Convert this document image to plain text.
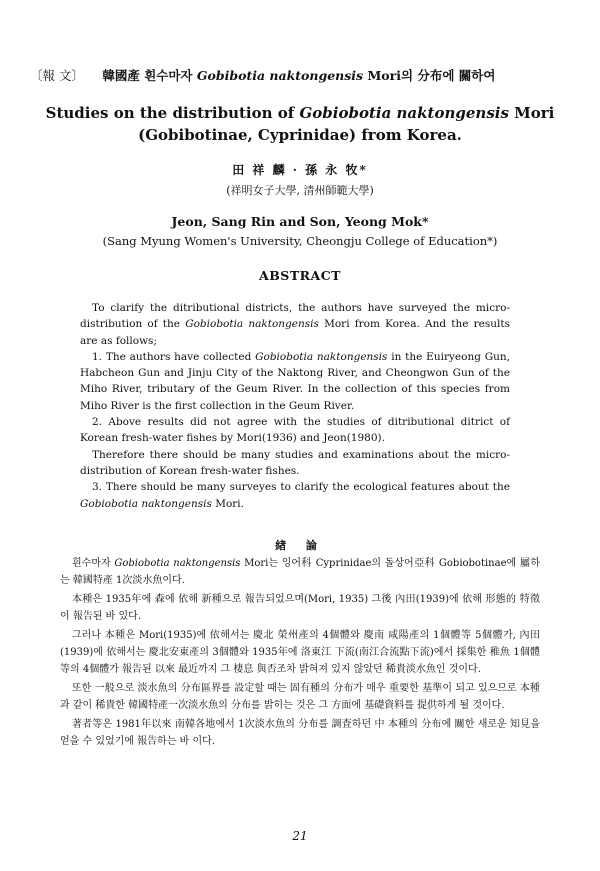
〔報 文〕 韓國產 흰수마자 Gobibotia naktongensis Mori의 分布에 關하여
Studies on the distribution of Gobiobotia naktongensis Mori
(Gobibotinae, Cyprinidae) from Korea.
田 祥 麟 · 孫 永 牧*
(祥明女子大學, 清州師範大學)
Jeon, Sang Rin and Son, Yeong Mok*
(Sang Myung Women's University, Cheongju College of Education*)
ABSTRACT

To clarify the ditributional districts, the authors have surveyed the micro-distribution of the Gobiobotia naktongensis Mori from Korea. And the results are as follows;

1. The authors have collected Gobiobotia naktongensis in the Euiryeong Gun, Habcheon Gun and Jinju City of the Naktong River, and Cheongwon Gun of the Miho River, tributary of the Geum River. In the collection of this species from Miho River is the first collection in the Geum River.

2. Above results did not agree with the studies of ditributional ditrict of Korean fresh-water fishes by Mori(1936) and Jeon(1980).

Therefore there should be many studies and examinations about the micro-distribution of Korean fresh-water fishes.

3. There should be many surveyes to clarify the ecological features about the Gobiobotia naktongensis Mori.

緖 論

흰수마자 Gobiobotia naktongensis Mori는 잉어科 Cyprinidae의 돌상어亞科 Gobiobotinae에 屬하는 韓國特產 1次淡水魚이다.

本種은 1935年에 森에 依해 新種으로 報告되었으며(Mori, 1935) 그後 內田(1939)에 依해 形態的 特徵이 報告된 바 있다.

그러나 本種은 Mori(1935)에 依해서는 慶北 榮州產의 4個體와 慶南 咸陽產의 1個體等 5個體가, 內田(1939)에 依해서는 慶北安東產의 3個體와 1935年에 洛東江 下流(南江合流點下流)에서 採集한 稚魚 1個體等의 4個體가 報告된 以來 最近까지 그 棲息 與否조차 밝혀져 있지 않았던 稀貴淡水魚인 것이다.

또한 一般으로 淡水魚의 分布區界를 設定할 때는 固有種의 分布가 매우 重要한 基準이 되고 있으므로 本種과 같이 稀貴한 韓國特產一次淡水魚의 分布를 밝히는 것은 그 方面에 基礎資料를 提供하게 될 것이다.

著者等은 1981年以來 南韓各地에서 1次淡水魚의 分布를 調査하던 中 本種의 分布에 關한 새로운 知見을 얻을 수 있었기에 報告하는 바 이다.

21
